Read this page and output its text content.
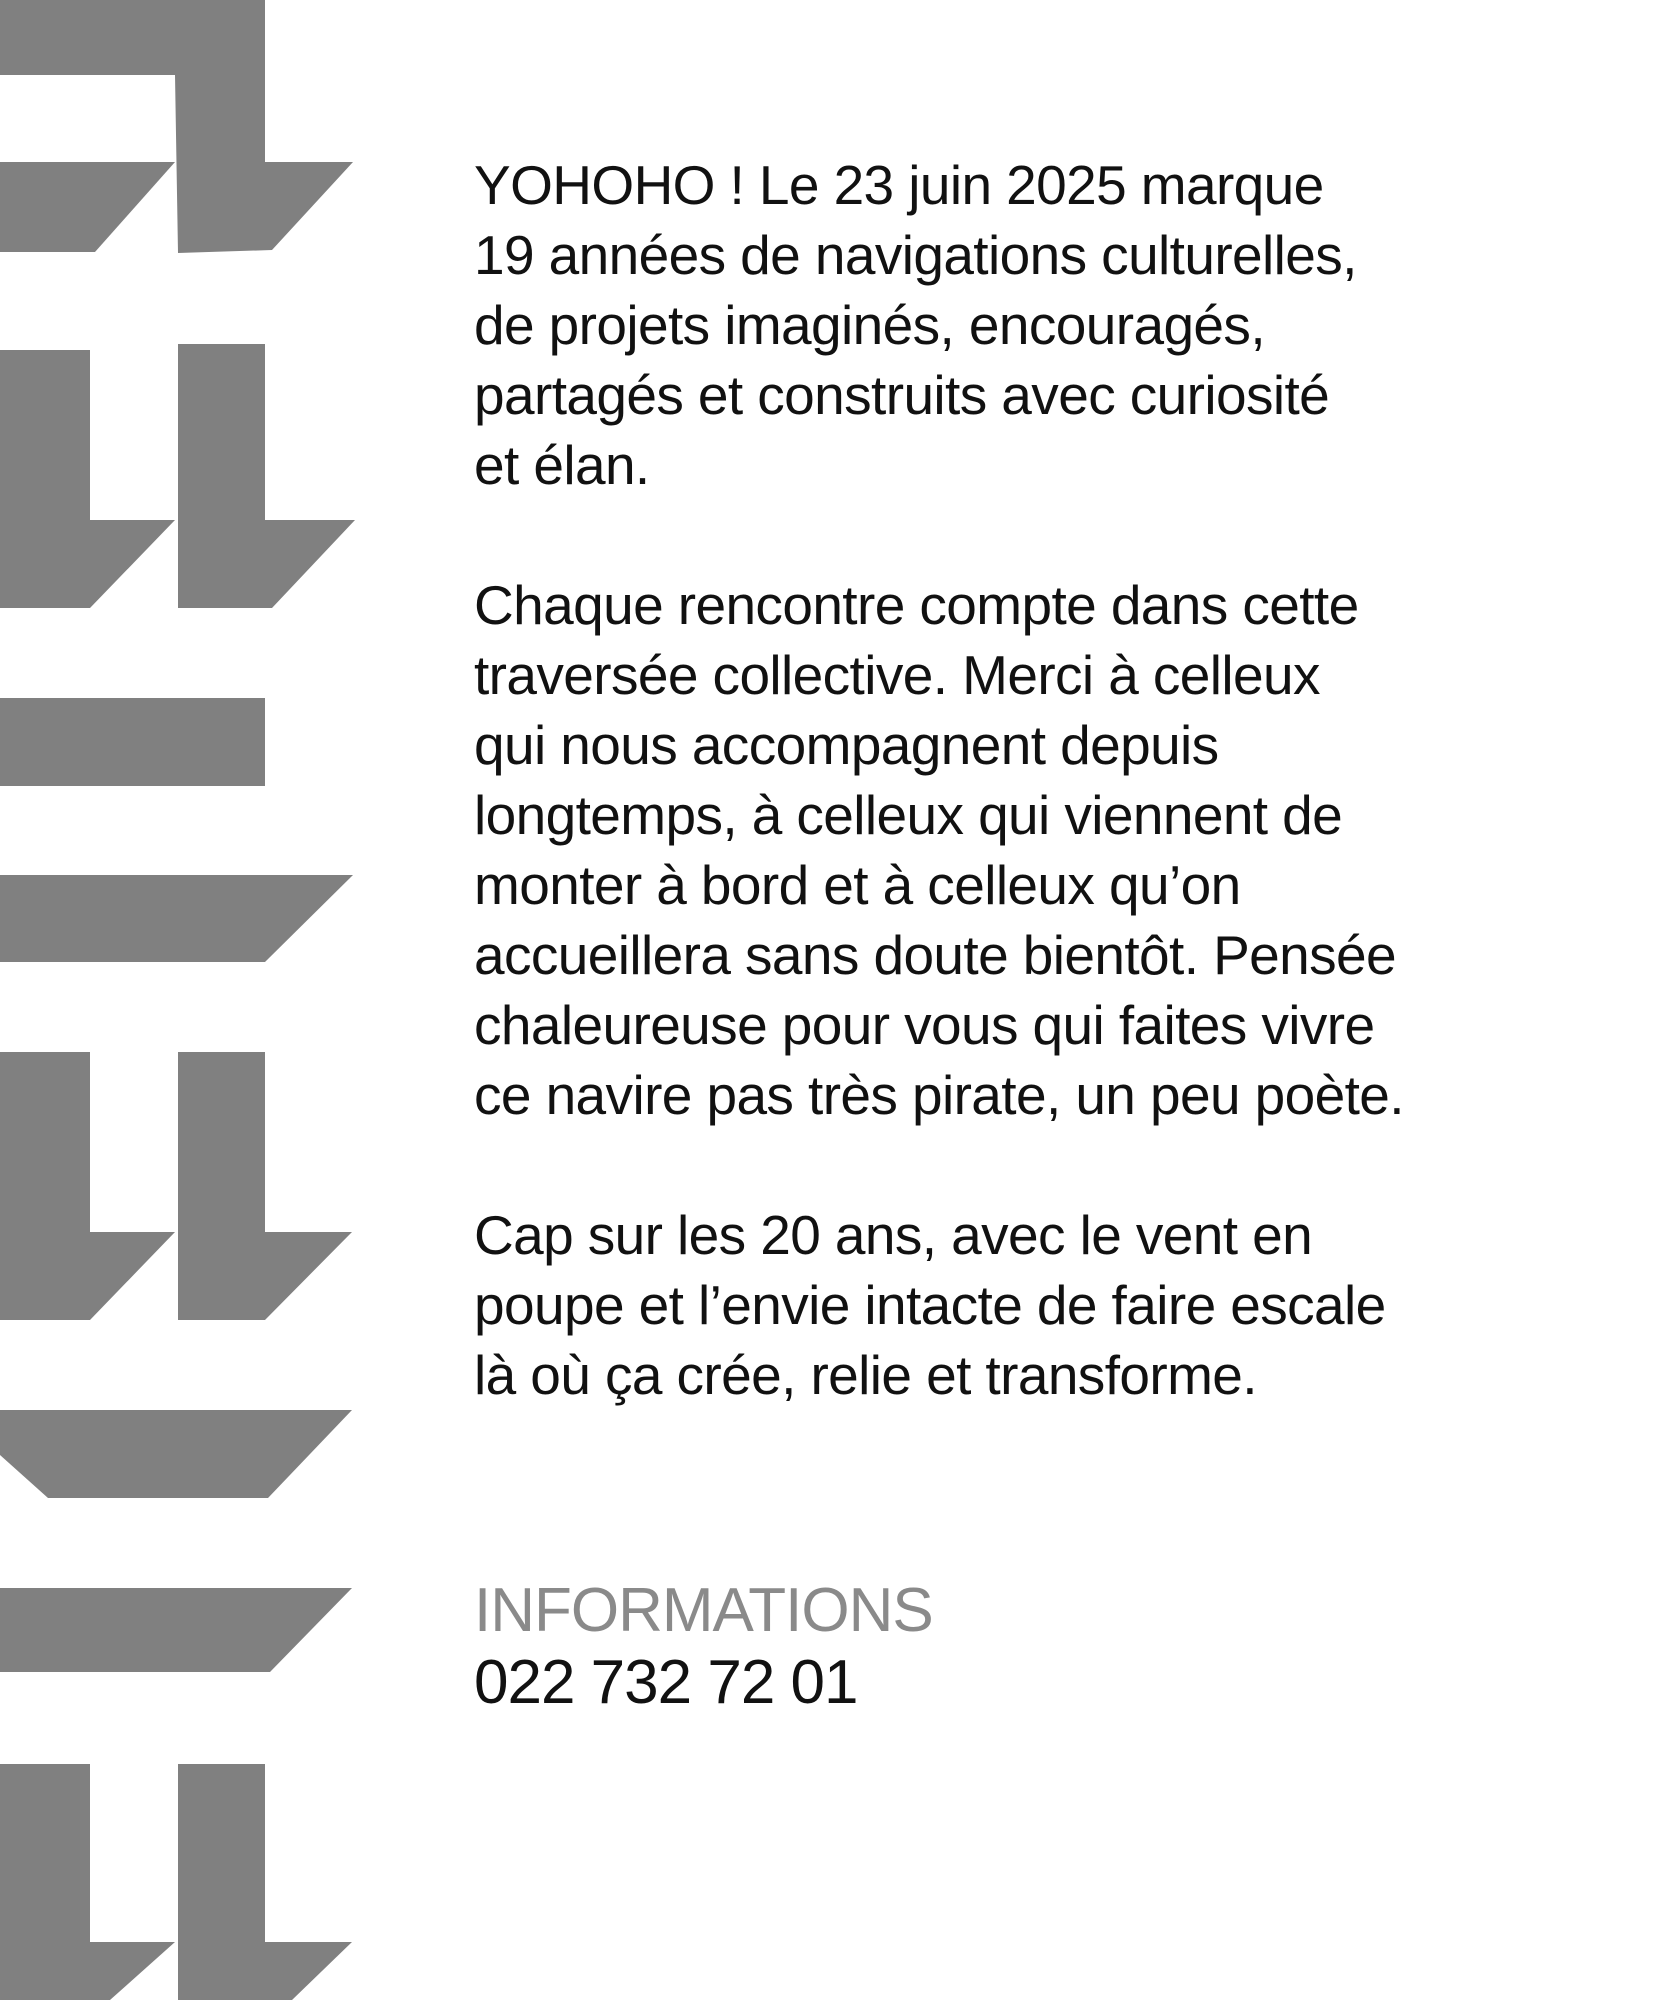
YOHOHO ! Le 23 juin 2025 marque
19 années de navigations culturelles,
de projets imaginés, encouragés,
partagés et construits avec curiosité
et élan.

Chaque rencontre compte dans cette
traversée collective. Merci à celleux
qui nous accompagnent depuis
longtemps, à celleux qui viennent de
monter à bord et à celleux qu’on
accueillera sans doute bientôt. Pensée
chaleureuse pour vous qui faites vivre
ce navire pas très pirate, un peu poète.

Cap sur les 20 ans, avec le vent en
poupe et l’envie intacte de faire escale
là où ça crée, relie et transforme.

INFORMATIONS
022 732 72 01
